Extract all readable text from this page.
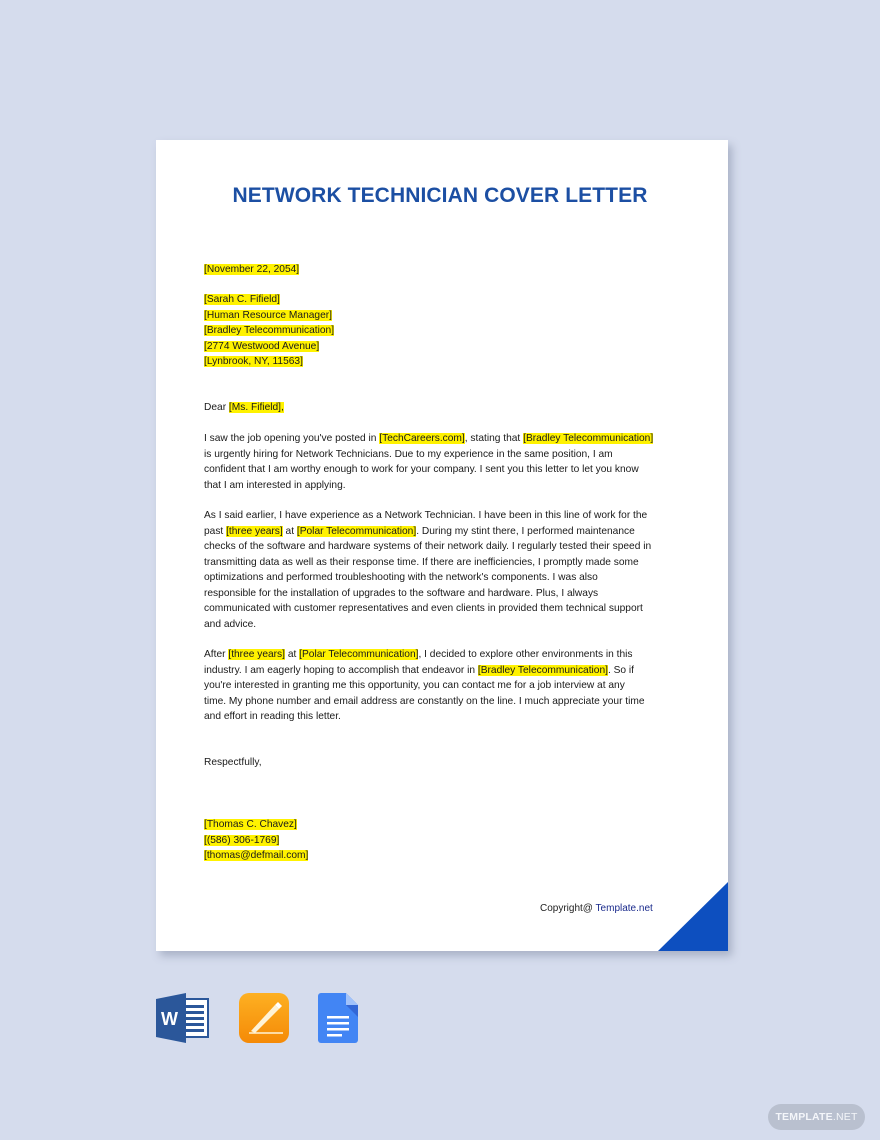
NETWORK TECHNICIAN COVER LETTER
[November 22, 2054]
[Sarah C. Fifield]
[Human Resource Manager]
[Bradley Telecommunication]
[2774 Westwood Avenue]
[Lynbrook, NY, 11563]
Dear [Ms. Fifield],
I saw the job opening you've posted in [TechCareers.com], stating that [Bradley Telecommunication]
is urgently hiring for Network Technicians. Due to my experience in the same position, I am
confident that I am worthy enough to work for your company. I sent you this letter to let you know
that I am interested in applying.
As I said earlier, I have experience as a Network Technician. I have been in this line of work for the
past [three years] at [Polar Telecommunication]. During my stint there, I performed maintenance
checks of the software and hardware systems of their network daily. I regularly tested their speed in
transmitting data as well as their response time. If there are inefficiencies, I promptly made some
optimizations and performed troubleshooting with the network's components. I was also
responsible for the installation of upgrades to the software and hardware. Plus, I always
communicated with customer representatives and even clients in provided them technical support
and advice.
After [three years] at [Polar Telecommunication], I decided to explore other environments in this
industry. I am eagerly hoping to accomplish that endeavor in [Bradley Telecommunication]. So if
you're interested in granting me this opportunity, you can contact me for a job interview at any
time. My phone number and email address are constantly on the line. I much appreciate your time
and effort in reading this letter.
Respectfully,
[Thomas C. Chavez]
[(586) 306-1769]
[thomas@defmail.com]
Copyright@ Template.net
W
TEMPLATE.NET
